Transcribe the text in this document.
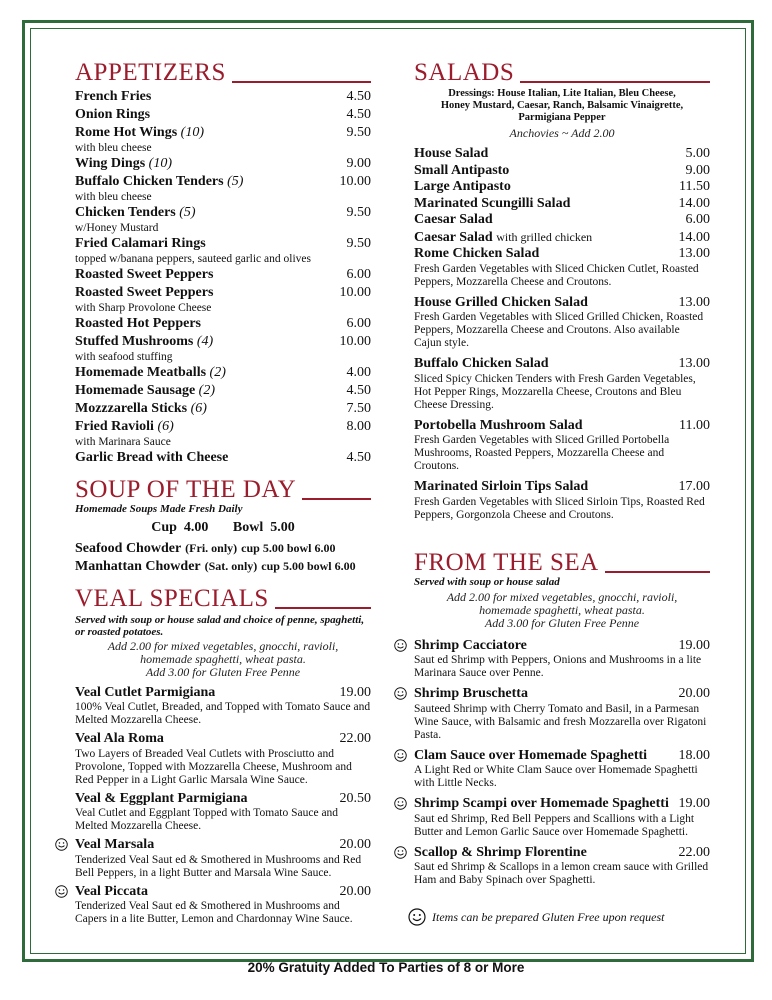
APPETIZERS
French Fries	4.50
Onion Rings	4.50
Rome Hot Wings (10)	9.50
with bleu cheese
Wing Dings (10)	9.00
Buffalo Chicken Tenders (5)	10.00
with bleu cheese
Chicken Tenders (5)	9.50
w/Honey Mustard
Fried Calamari Rings	9.50
topped w/banana peppers, sauteed garlic and olives
Roasted Sweet Peppers	6.00
Roasted Sweet Peppers	10.00
with Sharp Provolone Cheese
Roasted Hot Peppers	6.00
Stuffed Mushrooms (4)	10.00
with seafood stuffing
Homemade Meatballs (2)	4.00
Homemade Sausage (2)	4.50
Mozzzarella Sticks (6)	7.50
Fried Ravioli (6)	8.00
with Marinara Sauce
Garlic Bread with Cheese	4.50
SOUP OF THE DAY
Homemade Soups Made Fresh Daily
Cup 4.00 Bowl 5.00
Seafood Chowder (Fri. only) cup 5.00 bowl 6.00
Manhattan Chowder (Sat. only) cup 5.00 bowl 6.00
VEAL SPECIALS
Served with soup or house salad and choice of penne, spaghetti, or roasted potatoes.
Add 2.00 for mixed vegetables, gnocchi, ravioli, homemade spaghetti, wheat pasta.
Add 3.00 for Gluten Free Penne
Veal Cutlet Parmigiana	19.00
100% Veal Cutlet, Breaded, and Topped with Tomato Sauce and Melted Mozzarella Cheese.
Veal Ala Roma	22.00
Two Layers of Breaded Veal Cutlets with Prosciutto and Provolone, Topped with Mozzarella Cheese, Mushroom and Red Pepper in a Light Garlic Marsala Wine Sauce.
Veal & Eggplant Parmigiana	20.50
Veal Cutlet and Eggplant Topped with Tomato Sauce and Melted Mozzarella Cheese.
Veal Marsala	20.00
Tenderized Veal Saut ed & Smothered in Mushrooms and Red Bell Peppers, in a light Butter and Marsala Wine Sauce.
Veal Piccata	20.00
Tenderized Veal Saut ed & Smothered in Mushrooms and Capers in a lite Butter, Lemon and Chardonnay Wine Sauce.
SALADS
Dressings: House Italian, Lite Italian, Bleu Cheese, Honey Mustard, Caesar, Ranch, Balsamic Vinaigrette, Parmigiana Pepper
Anchovies ~ Add 2.00
House Salad	5.00
Small Antipasto	9.00
Large Antipasto	11.50
Marinated Scungilli Salad	14.00
Caesar Salad	6.00
Caesar Salad with grilled chicken	14.00
Rome Chicken Salad	13.00
Fresh Garden Vegetables with Sliced Chicken Cutlet, Roasted Peppers, Mozzarella Cheese and Croutons.
House Grilled Chicken Salad	13.00
Fresh Garden Vegetables with Sliced Grilled Chicken, Roasted Peppers, Mozzarella Cheese and Croutons. Also available Cajun style.
Buffalo Chicken Salad	13.00
Sliced Spicy Chicken Tenders with Fresh Garden Vegetables, Hot Pepper Rings, Mozzarella Cheese, Croutons and Bleu Cheese Dressing.
Portobella Mushroom Salad	11.00
Fresh Garden Vegetables with Sliced Grilled Portobella Mushrooms, Roasted Peppers, Mozzarella Cheese and Croutons.
Marinated Sirloin Tips Salad	17.00
Fresh Garden Vegetables with Sliced Sirloin Tips, Roasted Red Peppers, Gorgonzola Cheese and Croutons.
FROM THE SEA
Served with soup or house salad
Add 2.00 for mixed vegetables, gnocchi, ravioli, homemade spaghetti, wheat pasta.
Add 3.00 for Gluten Free Penne
Shrimp Cacciatore	19.00
Saut ed Shrimp with Peppers, Onions and Mushrooms in a lite Marinara Sauce over Penne.
Shrimp Bruschetta	20.00
Sauteed Shrimp with Cherry Tomato and Basil, in a Parmesan Wine Sauce, with Balsamic and fresh Mozzarella over Rigatoni Pasta.
Clam Sauce over Homemade Spaghetti 18.00
A Light Red or White Clam Sauce over Homemade Spaghetti with Little Necks.
Shrimp Scampi over Homemade Spaghetti 19.00
Saut ed Shrimp, Red Bell Peppers and Scallions with a Light Butter and Lemon Garlic Sauce over Homemade Spaghetti.
Scallop & Shrimp Florentine	22.00
Saut ed Shrimp & Scallops in a lemon cream sauce with Grilled Ham and Baby Spinach over Spaghetti.
Items can be prepared Gluten Free upon request
20% Gratuity Added To Parties of 8 or More
